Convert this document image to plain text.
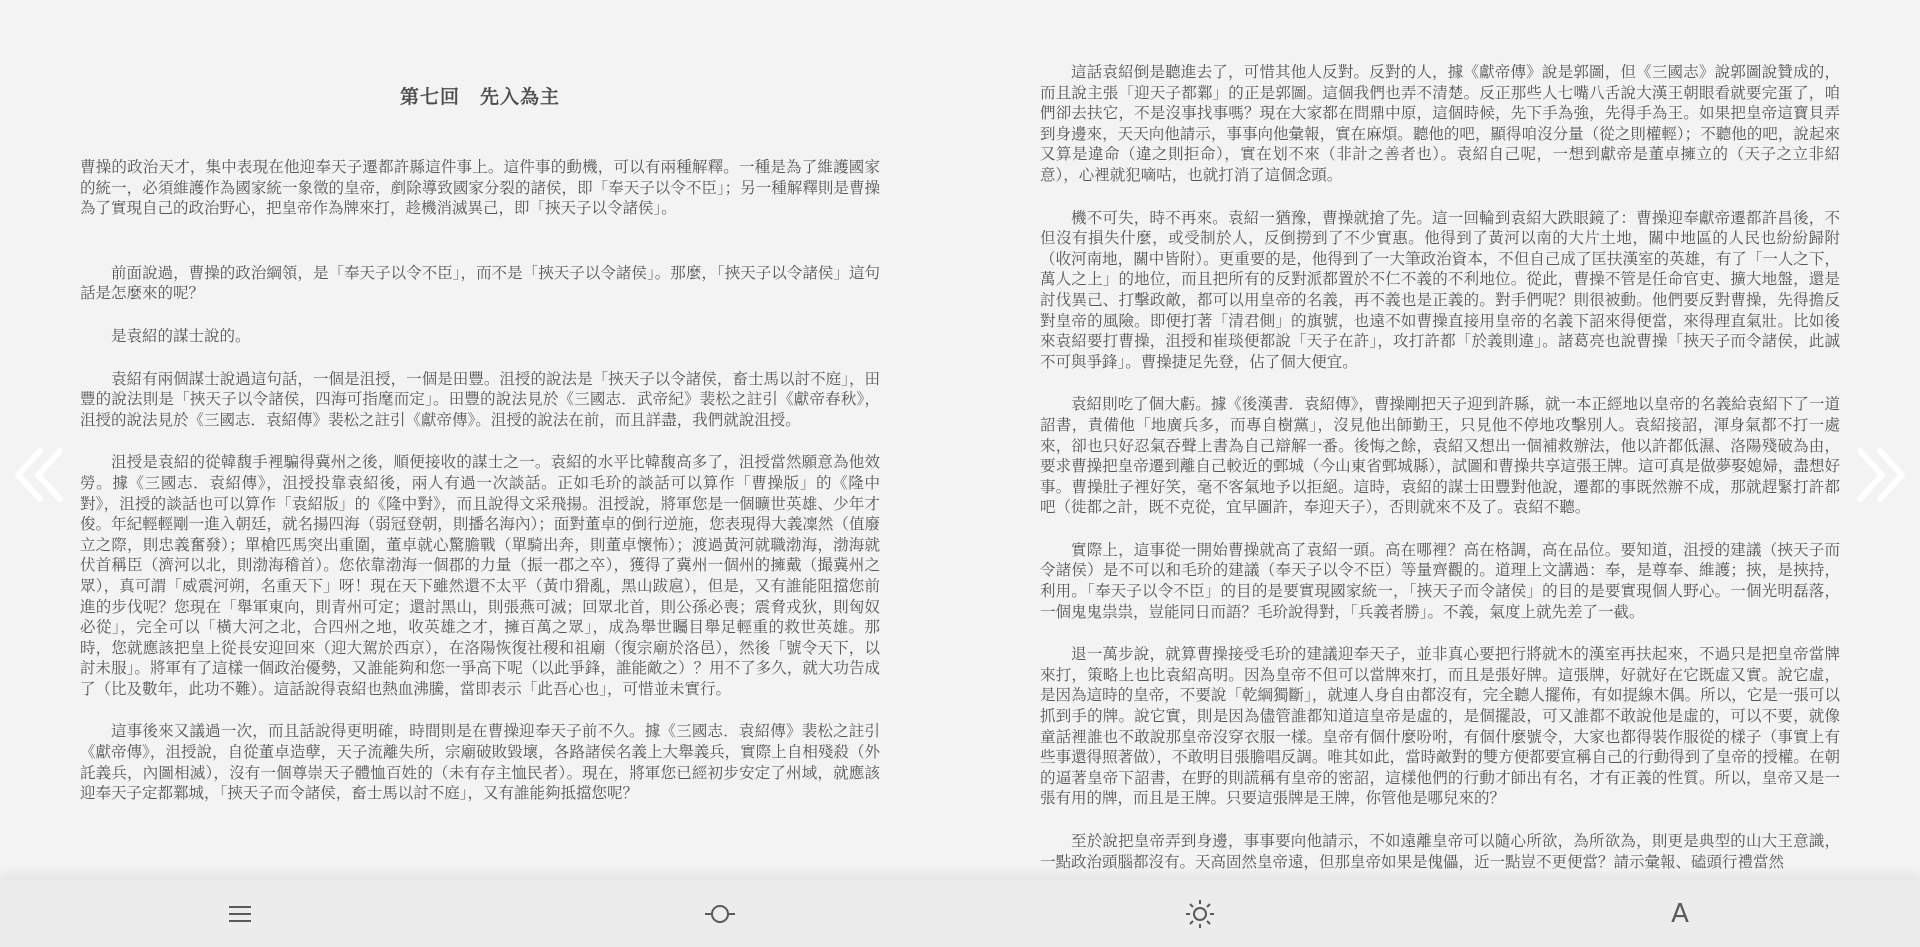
第七回　先入為主

曹操的政治天才，集中表現在他迎奉天子遷都許縣這件事上。這件事的動機，可以有兩種解釋。一種是為了維護國家的統一，必須維護作為國家統一象徵的皇帝，剷除導致國家分裂的諸侯，即「奉天子以令不臣」；另一種解釋則是曹操為了實現自己的政治野心，把皇帝作為牌來打，趁機消滅異己，即「挾天子以令諸侯」。

前面說過，曹操的政治綱領，是「奉天子以令不臣」，而不是「挾天子以令諸侯」。那麼，「挾天子以令諸侯」這句話是怎麼來的呢？

是袁紹的謀士說的。

袁紹有兩個謀士說過這句話，一個是沮授，一個是田豐。沮授的說法是「挾天子以令諸侯，畜士馬以討不庭」，田豐的說法則是「挾天子以令諸侯，四海可指麾而定」。田豐的說法見於《三國志．武帝紀》裴松之註引《獻帝春秋》，沮授的說法見於《三國志．袁紹傳》裴松之註引《獻帝傳》。沮授的說法在前，而且詳盡，我們就說沮授。

沮授是袁紹的從韓馥手裡騙得冀州之後，順便接收的謀士之一。袁紹的水平比韓馥高多了，沮授當然願意為他效勞。據《三國志．袁紹傳》，沮授投靠袁紹後，兩人有過一次談話。正如毛玠的談話可以算作「曹操版」的《隆中對》，沮授的談話也可以算作「袁紹版」的《隆中對》，而且說得文采飛揚。沮授說，將軍您是一個曠世英雄、少年才俊。年紀輕輕剛一進入朝廷，就名揚四海（弱冠登朝，則播名海內）；面對董卓的倒行逆施，您表現得大義凜然（值廢立之際，則忠義奮發）；單槍匹馬突出重圍，董卓就心驚膽戰（單騎出奔，則董卓懷怖）；渡過黃河就職渤海，渤海就伏首稱臣（濟河以北，則渤海稽首）。您依靠渤海一個郡的力量（振一郡之卒），獲得了冀州一個州的擁戴（撮冀州之眾），真可謂「威震河朔，名重天下」呀！現在天下雖然還不太平（黃巾猾亂，黑山跋扈），但是，又有誰能阻擋您前進的步伐呢？您現在「舉軍東向，則青州可定；還討黑山，則張燕可滅；回眾北首，則公孫必喪；震脅戎狄，則匈奴必從」，完全可以「橫大河之北，合四州之地，收英雄之才，擁百萬之眾」，成為舉世矚目舉足輕重的救世英雄。那時，您就應該把皇上從長安迎回來（迎大駕於西京），在洛陽恢復社稷和祖廟（復宗廟於洛邑），然後「號令天下，以討未服」。將軍有了這樣一個政治優勢，又誰能夠和您一爭高下呢（以此爭鋒，誰能敵之）？用不了多久，就大功告成了（比及數年，此功不難）。這話說得袁紹也熱血沸騰，當即表示「此吾心也」，可惜並未實行。

這事後來又議過一次，而且話說得更明確，時間則是在曹操迎奉天子前不久。據《三國志．袁紹傳》裴松之註引《獻帝傳》，沮授說，自從董卓造孽，天子流離失所，宗廟破敗毀壞，各路諸侯名義上大舉義兵，實際上自相殘殺（外託義兵，內圖相滅），沒有一個尊崇天子體恤百姓的（未有存主恤民者）。現在，將軍您已經初步安定了州域，就應該迎奉天子定都鄴城，「挾天子而令諸侯，畜士馬以討不庭」，又有誰能夠抵擋您呢？

這話袁紹倒是聽進去了，可惜其他人反對。反對的人，據《獻帝傳》說是郭圖，但《三國志》說郭圖說贊成的，而且說主張「迎天子都鄴」的正是郭圖。這個我們也弄不清楚。反正那些人七嘴八舌說大漢王朝眼看就要完蛋了，咱們卻去扶它，不是沒事找事嗎？現在大家都在問鼎中原，這個時候，先下手為強，先得手為王。如果把皇帝這寶貝弄到身邊來，天天向他請示，事事向他彙報，實在麻煩。聽他的吧，顯得咱沒分量（從之則權輕）；不聽他的吧，說起來又算是違命（違之則拒命），實在划不來（非計之善者也）。袁紹自己呢，一想到獻帝是董卓擁立的（天子之立非紹意），心裡就犯嘀咕，也就打消了這個念頭。

機不可失，時不再來。袁紹一猶豫，曹操就搶了先。這一回輪到袁紹大跌眼鏡了：曹操迎奉獻帝遷都許昌後，不但沒有損失什麼，或受制於人，反倒撈到了不少實惠。他得到了黃河以南的大片土地，關中地區的人民也紛紛歸附（收河南地，關中皆附）。更重要的是，他得到了一大筆政治資本，不但自己成了匡扶漢室的英雄，有了「一人之下，萬人之上」的地位，而且把所有的反對派都置於不仁不義的不利地位。從此，曹操不管是任命官吏、擴大地盤，還是討伐異己、打擊政敵，都可以用皇帝的名義，再不義也是正義的。對手們呢？則很被動。他們要反對曹操，先得擔反對皇帝的風險。即便打著「清君側」的旗號，也遠不如曹操直接用皇帝的名義下詔來得便當，來得理直氣壯。比如後來袁紹要打曹操，沮授和崔琰便都說「天子在許」，攻打許都「於義則違」。諸葛亮也說曹操「挾天子而令諸侯，此誠不可與爭鋒」。曹操捷足先登，佔了個大便宜。

袁紹則吃了個大虧。據《後漢書．袁紹傳》，曹操剛把天子迎到許縣，就一本正經地以皇帝的名義給袁紹下了一道詔書，責備他「地廣兵多，而專自樹黨」，沒見他出師勤王，只見他不停地攻擊別人。袁紹接詔，渾身氣都不打一處來，卻也只好忍氣吞聲上書為自己辯解一番。後悔之餘，袁紹又想出一個補救辦法，他以許都低濕、洛陽殘破為由，要求曹操把皇帝遷到離自己較近的鄄城（今山東省鄄城縣），試圖和曹操共享這張王牌。這可真是做夢娶媳婦，盡想好事。曹操肚子裡好笑，毫不客氣地予以拒絕。這時，袁紹的謀士田豐對他說，遷都的事既然辦不成，那就趕緊打許都吧（徙都之計，既不克從，宜早圖許，奉迎天子），否則就來不及了。袁紹不聽。

實際上，這事從一開始曹操就高了袁紹一頭。高在哪裡？高在格調，高在品位。要知道，沮授的建議（挾天子而令諸侯）是不可以和毛玠的建議（奉天子以令不臣）等量齊觀的。道理上文講過：奉，是尊奉、維護；挾，是挾持，利用。「奉天子以令不臣」的目的是要實現國家統一，「挾天子而令諸侯」的目的是要實現個人野心。一個光明磊落，一個鬼鬼祟祟，豈能同日而語？毛玠說得對，「兵義者勝」。不義，氣度上就先差了一截。

退一萬步說，就算曹操接受毛玠的建議迎奉天子，並非真心要把行將就木的漢室再扶起來，不過只是把皇帝當牌來打，策略上也比袁紹高明。因為皇帝不但可以當牌來打，而且是張好牌。這張牌，好就好在它既虛又實。說它虛，是因為這時的皇帝，不要說「乾綱獨斷」，就連人身自由都沒有，完全聽人擺佈，有如提線木偶。所以，它是一張可以抓到手的牌。說它實，則是因為儘管誰都知道這皇帝是虛的，是個擺設，可又誰都不敢說他是虛的，可以不要，就像童話裡誰也不敢說那皇帝沒穿衣服一樣。皇帝有個什麼吩咐，有個什麼號令，大家也都得裝作服從的樣子（事實上有些事還得照著做），不敢明目張膽唱反調。唯其如此，當時敵對的雙方便都要宣稱自己的行動得到了皇帝的授權。在朝的逼著皇帝下詔書，在野的則謊稱有皇帝的密詔，這樣他們的行動才師出有名，才有正義的性質。所以，皇帝又是一張有用的牌，而且是王牌。只要這張牌是王牌，你管他是哪兒來的？

至於說把皇帝弄到身邊，事事要向他請示，不如遠離皇帝可以隨心所欲，為所欲為，則更是典型的山大王意識，一點政治頭腦都沒有。天高固然皇帝遠，但那皇帝如果是傀儡，近一點豈不更便當？請示彙報、磕頭行禮當然

A
